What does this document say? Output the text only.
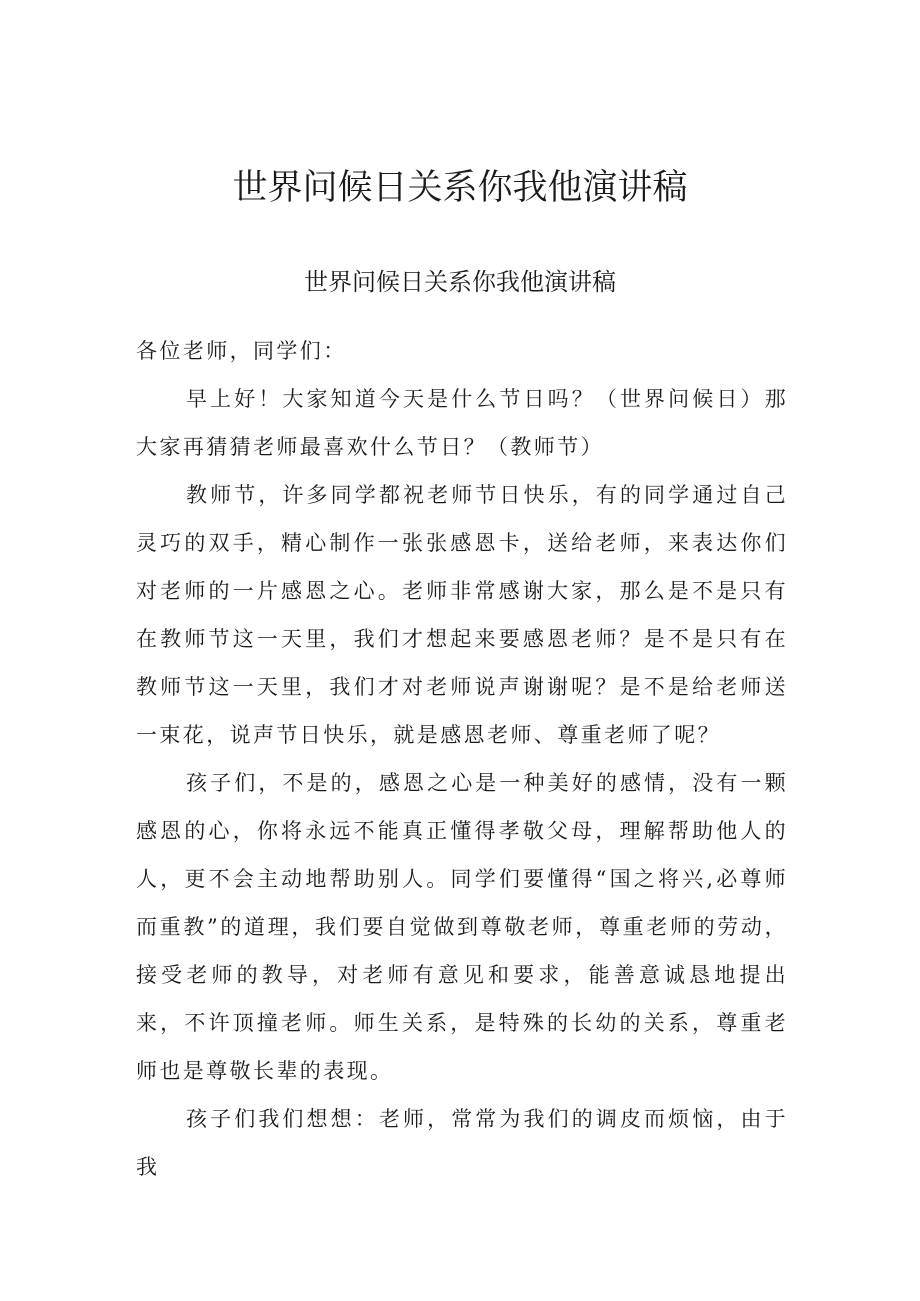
世界问候日关系你我他演讲稿
世界问候日关系你我他演讲稿

各位老师，同学们：

早上好！大家知道今天是什么节日吗？（世界问候日）那大家再猜猜老师最喜欢什么节日？（教师节）

教师节，许多同学都祝老师节日快乐，有的同学通过自己灵巧的双手，精心制作一张张感恩卡，送给老师，来表达你们对老师的一片感恩之心。老师非常感谢大家，那么是不是只有在教师节这一天里，我们才想起来要感恩老师？是不是只有在教师节这一天里，我们才对老师说声谢谢呢？是不是给老师送一束花，说声节日快乐，就是感恩老师、尊重老师了呢？

孩子们，不是的，感恩之心是一种美好的感情，没有一颗感恩的心，你将永远不能真正懂得孝敬父母，理解帮助他人的人，更不会主动地帮助别人。同学们要懂得“国之将兴,必尊师而重教”的道理，我们要自觉做到尊敬老师，尊重老师的劳动，接受老师的教导，对老师有意见和要求，能善意诚恳地提出来，不许顶撞老师。师生关系，是特殊的长幼的关系，尊重老师也是尊敬长辈的表现。

孩子们我们想想：老师，常常为我们的调皮而烦恼，由于我
